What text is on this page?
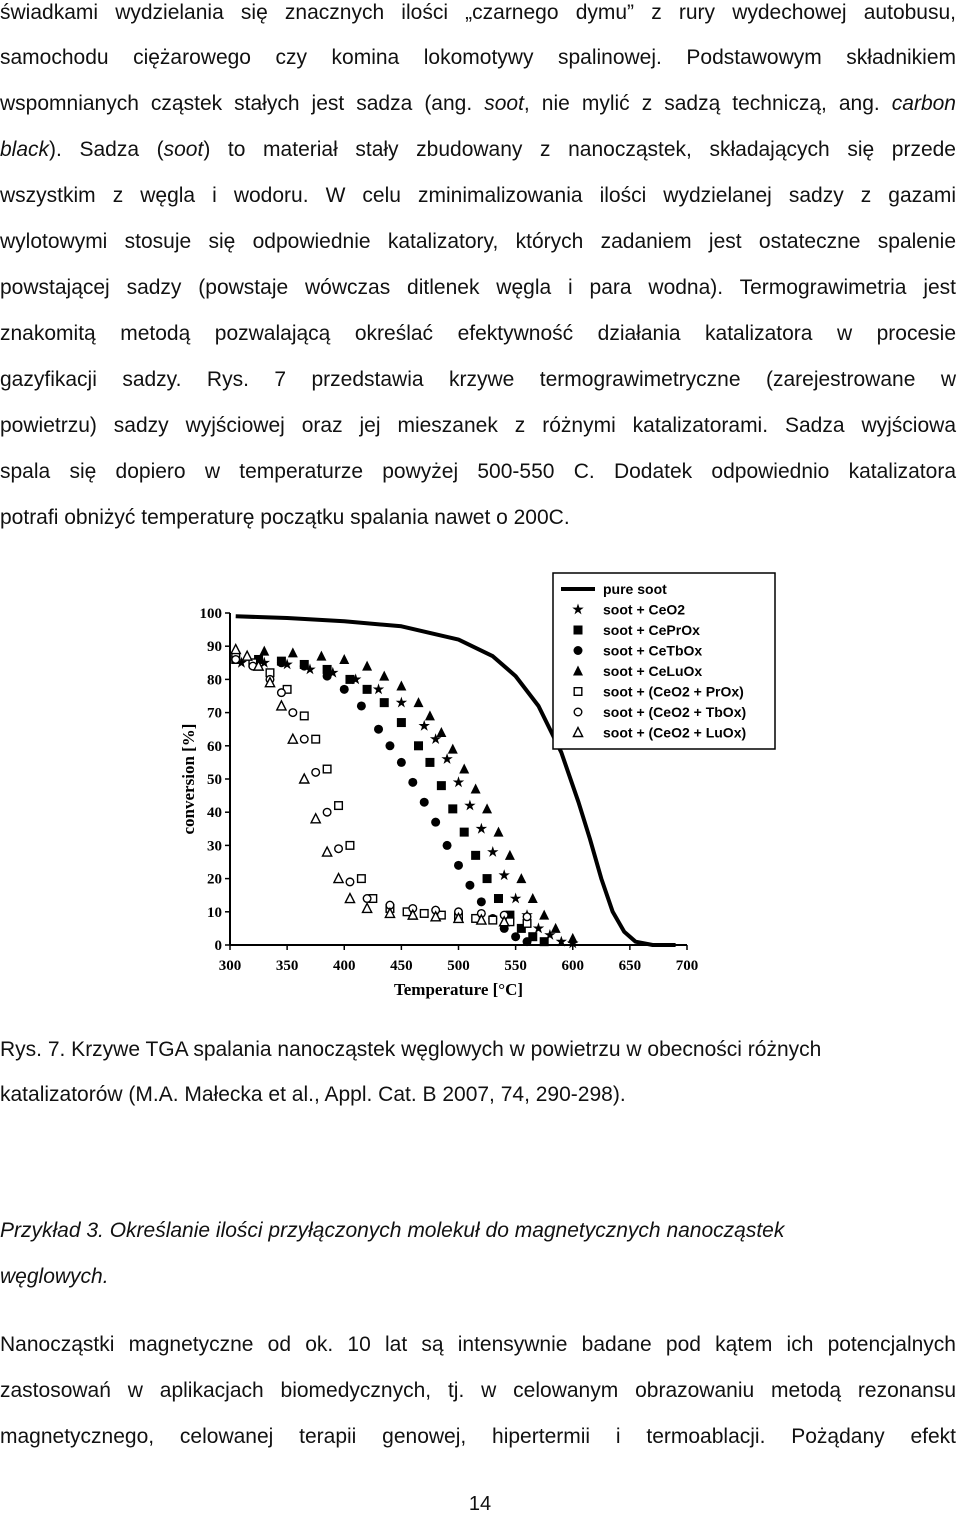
świadkami wydzielania się znacznych ilości „czarnego dymu” z rury wydechowej autobusu,
samochodu ciężarowego czy komina lokomotywy spalinowej. Podstawowym składnikiem
wspomnianych cząstek stałych jest sadza (ang. soot, nie mylić z sadzą techniczą, ang. carbon
black). Sadza (soot) to materiał stały zbudowany z nanocząstek, składających się przede
wszystkim z węgla i wodoru. W celu zminimalizowania ilości wydzielanej sadzy z gazami
wylotowymi stosuje się odpowiednie katalizatory, których zadaniem jest ostateczne spalenie
powstającej sadzy (powstaje wówczas ditlenek węgla i para wodna). Termograwimetria jest
znakomitą metodą pozwalającą określać efektywność działania katalizatora w procesie
gazyfikacji sadzy. Rys. 7 przedstawia krzywe termograwimetryczne (zarejestrowane w
powietrzu) sadzy wyjściowej oraz jej mieszanek z różnymi katalizatorami. Sadza wyjściowa
spala się dopiero w temperaturze powyżej 500-550 C. Dodatek odpowiednio katalizatora
potrafi obniżyć temperaturę początku spalania nawet o 200C.
300 350 400 450 500 550 600 650 700
0
10
20
30
40
50
60
70
80
90
100
Temperature [°C]
conversion [%]
pure soot
soot + CeO2
soot + CePrOx
soot + CeTbOx
soot + CeLuOx
soot + (CeO2 + PrOx)
soot + (CeO2 + TbOx)
soot + (CeO2 + LuOx)
Rys. 7. Krzywe TGA spalania nanocząstek węglowych w powietrzu w obecności różnych
katalizatorów (M.A. Małecka et al., Appl. Cat. B 2007, 74, 290-298).
Przykład 3. Określanie ilości przyłączonych molekuł do magnetycznych nanocząstek
węglowych.
Nanocząstki magnetyczne od ok. 10 lat są intensywnie badane pod kątem ich potencjalnych
zastosowań w aplikacjach biomedycznych, tj. w celowanym obrazowaniu metodą rezonansu
magnetycznego, celowanej terapii genowej, hipertermii i termoablacji. Pożądany efekt
14
